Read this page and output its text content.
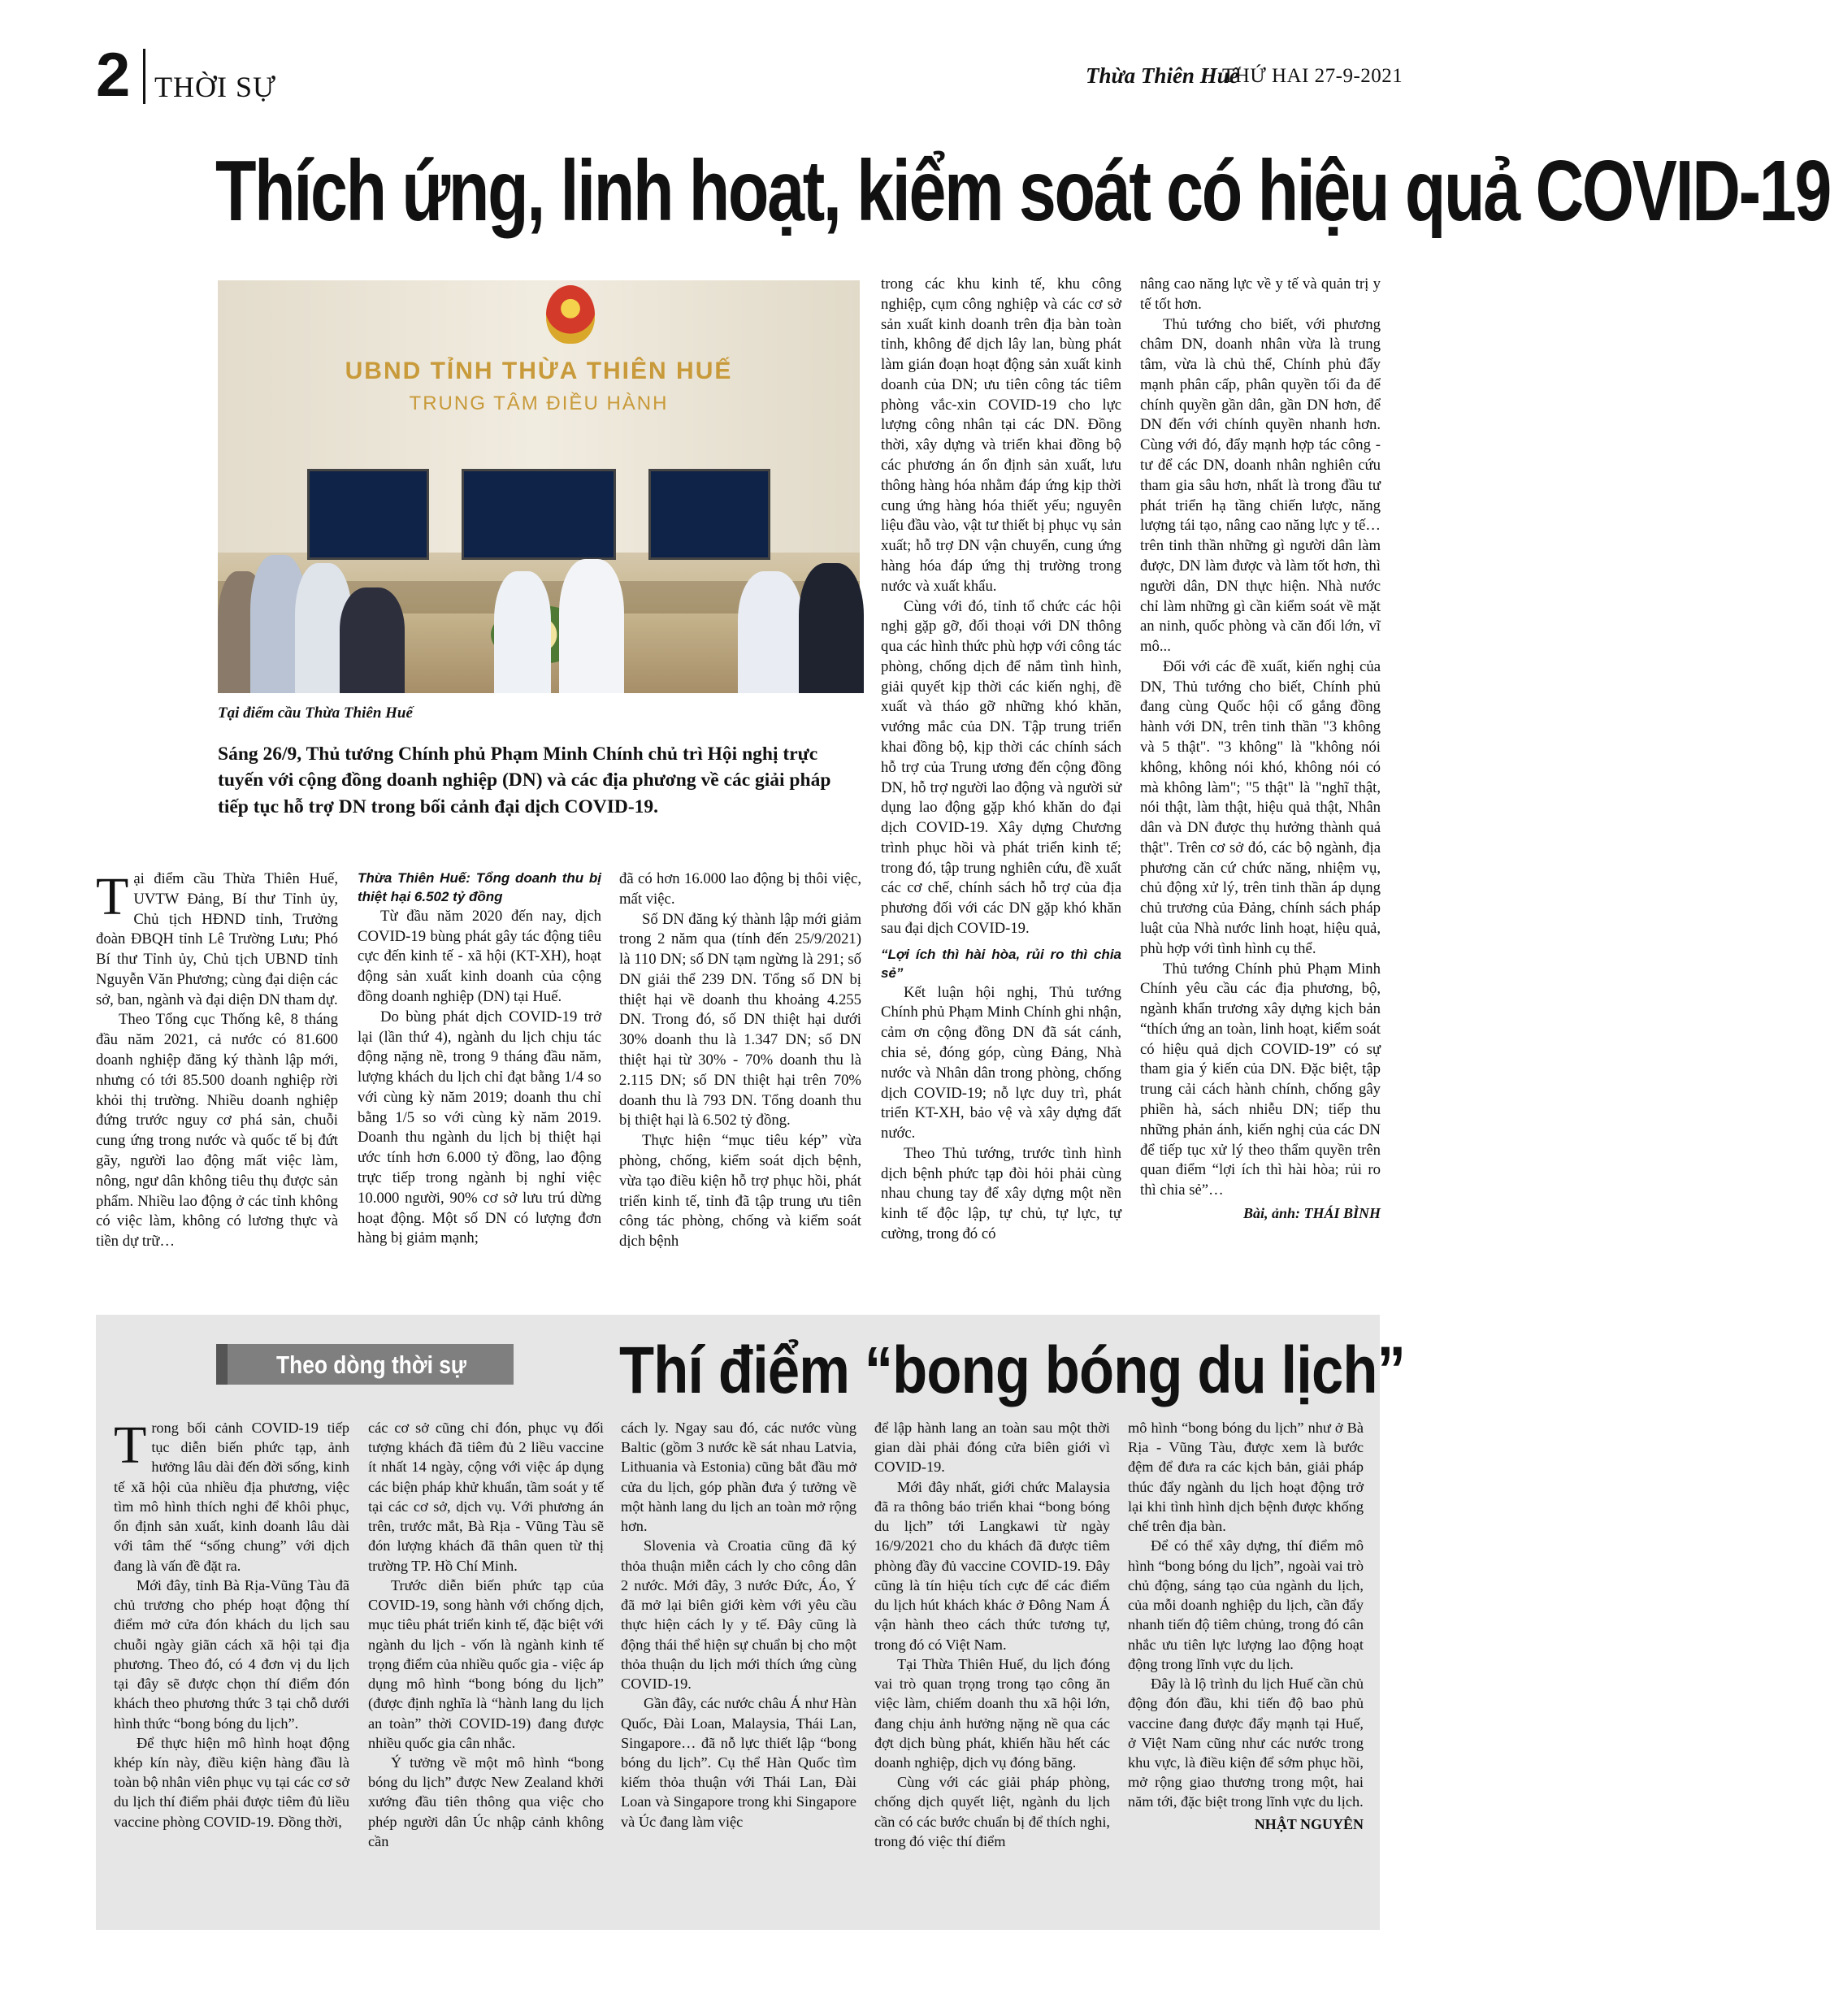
2 THỜI SỰ	Thừa Thiên Huế
THỨ HAI 27-9-2021
Thích ứng, linh hoạt, kiểm soát có hiệu quả COVID-19
UBND TỈNH THỪA THIÊN HUẾ
TRUNG TÂM ĐIỀU HÀNH
Tại điểm cầu Thừa Thiên Huế
Sáng 26/9, Thủ tướng Chính phủ Phạm Minh Chính chủ trì Hội nghị trực tuyến với cộng đồng doanh nghiệp (DN) và các địa phương về các giải pháp tiếp tục hỗ trợ DN trong bối cảnh đại dịch COVID-19.

Tại điểm cầu Thừa Thiên Huế, UVTW Đảng, Bí thư Tỉnh ủy, Chủ tịch HĐND tỉnh, Trưởng đoàn ĐBQH tỉnh Lê Trường Lưu; Phó Bí thư Tỉnh ủy, Chủ tịch UBND tỉnh Nguyễn Văn Phương; cùng đại diện các sở, ban, ngành và đại diện DN tham dự.

Theo Tổng cục Thống kê, 8 tháng đầu năm 2021, cả nước có 81.600 doanh nghiệp đăng ký thành lập mới, nhưng có tới 85.500 doanh nghiệp rời khỏi thị trường. Nhiều doanh nghiệp đứng trước nguy cơ phá sản, chuỗi cung ứng trong nước và quốc tế bị đứt gãy, người lao động mất việc làm, nông, ngư dân không tiêu thụ được sản phẩm. Nhiều lao động ở các tỉnh không có việc làm, không có lương thực và tiền dự trữ…

Thừa Thiên Huế: Tổng doanh thu bị thiệt hại 6.502 tỷ đồng

Từ đầu năm 2020 đến nay, dịch COVID-19 bùng phát gây tác động tiêu cực đến kinh tế - xã hội (KT-XH), hoạt động sản xuất kinh doanh của cộng đồng doanh nghiệp (DN) tại Huế.

Do bùng phát dịch COVID-19 trở lại (lần thứ 4), ngành du lịch chịu tác động nặng nề, trong 9 tháng đầu năm, lượng khách du lịch chỉ đạt bằng 1/4 so với cùng kỳ năm 2019; doanh thu chỉ bằng 1/5 so với cùng kỳ năm 2019. Doanh thu ngành du lịch bị thiệt hại ước tính hơn 6.000 tỷ đồng, lao động trực tiếp trong ngành bị nghỉ việc 10.000 người, 90% cơ sở lưu trú dừng hoạt động. Một số DN có lượng đơn hàng bị giảm mạnh;

đã có hơn 16.000 lao động bị thôi việc, mất việc.

Số DN đăng ký thành lập mới giảm trong 2 năm qua (tính đến 25/9/2021) là 110 DN; số DN tạm ngừng là 291; số DN giải thể 239 DN. Tổng số DN bị thiệt hại về doanh thu khoảng 4.255 DN. Trong đó, số DN thiệt hại dưới 30% doanh thu là 1.347 DN; số DN thiệt hại từ 30% - 70% doanh thu là 2.115 DN; số DN thiệt hại trên 70% doanh thu là 793 DN. Tổng doanh thu bị thiệt hại là 6.502 tỷ đồng.

Thực hiện “mục tiêu kép” vừa phòng, chống, kiểm soát dịch bệnh, vừa tạo điều kiện hỗ trợ phục hồi, phát triển kinh tế, tỉnh đã tập trung ưu tiên công tác phòng, chống và kiểm soát dịch bệnh

trong các khu kinh tế, khu công nghiệp, cụm công nghiệp và các cơ sở sản xuất kinh doanh trên địa bàn toàn tỉnh, không để dịch lây lan, bùng phát làm gián đoạn hoạt động sản xuất kinh doanh của DN; ưu tiên công tác tiêm phòng vắc-xin COVID-19 cho lực lượng công nhân tại các DN. Đồng thời, xây dựng và triển khai đồng bộ các phương án ổn định sản xuất, lưu thông hàng hóa nhằm đáp ứng kịp thời cung ứng hàng hóa thiết yếu; nguyên liệu đầu vào, vật tư thiết bị phục vụ sản xuất; hỗ trợ DN vận chuyển, cung ứng hàng hóa đáp ứng thị trường trong nước và xuất khẩu.

Cùng với đó, tỉnh tổ chức các hội nghị gặp gỡ, đối thoại với DN thông qua các hình thức phù hợp với công tác phòng, chống dịch để nắm tình hình, giải quyết kịp thời các kiến nghị, đề xuất và tháo gỡ những khó khăn, vướng mắc của DN. Tập trung triển khai đồng bộ, kịp thời các chính sách hỗ trợ của Trung ương đến cộng đồng DN, hỗ trợ người lao động và người sử dụng lao động gặp khó khăn do đại dịch COVID-19. Xây dựng Chương trình phục hồi và phát triển kinh tế; trong đó, tập trung nghiên cứu, đề xuất các cơ chế, chính sách hỗ trợ của địa phương đối với các DN gặp khó khăn sau đại dịch COVID-19.

“Lợi ích thì hài hòa, rủi ro thì chia sẻ”

Kết luận hội nghị, Thủ tướng Chính phủ Phạm Minh Chính ghi nhận, cảm ơn cộng đồng DN đã sát cánh, chia sẻ, đóng góp, cùng Đảng, Nhà nước và Nhân dân trong phòng, chống dịch COVID-19; nỗ lực duy trì, phát triển KT-XH, bảo vệ và xây dựng đất nước.

Theo Thủ tướng, trước tình hình dịch bệnh phức tạp đòi hỏi phải cùng nhau chung tay để xây dựng một nền kinh tế độc lập, tự chủ, tự lực, tự cường, trong đó có

nâng cao năng lực về y tế và quản trị y tế tốt hơn.

Thủ tướng cho biết, với phương châm DN, doanh nhân vừa là trung tâm, vừa là chủ thể, Chính phủ đẩy mạnh phân cấp, phân quyền tối đa để chính quyền gần dân, gần DN hơn, để DN đến với chính quyền nhanh hơn. Cùng với đó, đẩy mạnh hợp tác công - tư để các DN, doanh nhân nghiên cứu tham gia sâu hơn, nhất là trong đầu tư phát triển hạ tầng chiến lược, năng lượng tái tạo, nâng cao năng lực y tế… trên tinh thần những gì người dân làm được, DN làm được và làm tốt hơn, thì người dân, DN thực hiện. Nhà nước chỉ làm những gì cần kiểm soát về mặt an ninh, quốc phòng và căn đối lớn, vĩ mô...

Đối với các đề xuất, kiến nghị của DN, Thủ tướng cho biết, Chính phủ đang cùng Quốc hội cố gắng đồng hành với DN, trên tinh thần "3 không và 5 thật". "3 không" là "không nói không, không nói khó, không nói có mà không làm"; "5 thật" là "nghĩ thật, nói thật, làm thật, hiệu quả thật, Nhân dân và DN được thụ hưởng thành quả thật". Trên cơ sở đó, các bộ ngành, địa phương căn cứ chức năng, nhiệm vụ, chủ động xử lý, trên tinh thần áp dụng chủ trương của Đảng, chính sách pháp luật của Nhà nước linh hoạt, hiệu quả, phù hợp với tình hình cụ thể.

Thủ tướng Chính phủ Phạm Minh Chính yêu cầu các địa phương, bộ, ngành khẩn trương xây dựng kịch bản “thích ứng an toàn, linh hoạt, kiểm soát có hiệu quả dịch COVID-19” có sự tham gia ý kiến của DN. Đặc biệt, tập trung cải cách hành chính, chống gây phiền hà, sách nhiễu DN; tiếp thu những phản ánh, kiến nghị của các DN để tiếp tục xử lý theo thẩm quyền trên quan điểm “lợi ích thì hài hòa; rủi ro thì chia sẻ”…

Bài, ảnh: THÁI BÌNH
Theo dòng thời sự Thí điểm “bong bóng du lịch”

Trong bối cảnh COVID-19 tiếp tục diễn biến phức tạp, ảnh hưởng lâu dài đến đời sống, kinh tế xã hội của nhiều địa phương, việc tìm mô hình thích nghi để khôi phục, ổn định sản xuất, kinh doanh lâu dài với tâm thế “sống chung” với dịch đang là vấn đề đặt ra.

Mới đây, tỉnh Bà Rịa-Vũng Tàu đã chủ trương cho phép hoạt động thí điểm mở cửa đón khách du lịch sau chuỗi ngày giãn cách xã hội tại địa phương. Theo đó, có 4 đơn vị du lịch tại đây sẽ được chọn thí điểm đón khách theo phương thức 3 tại chỗ dưới hình thức “bong bóng du lịch”.

Để thực hiện mô hình hoạt động khép kín này, điều kiện hàng đầu là toàn bộ nhân viên phục vụ tại các cơ sở du lịch thí điểm phải được tiêm đủ liều vaccine phòng COVID-19. Đồng thời,

các cơ sở cũng chỉ đón, phục vụ đối tượng khách đã tiêm đủ 2 liều vaccine ít nhất 14 ngày, cộng với việc áp dụng các biện pháp khử khuẩn, tầm soát y tế tại các cơ sở, dịch vụ. Với phương án trên, trước mắt, Bà Rịa - Vũng Tàu sẽ đón lượng khách đã thân quen từ thị trường TP. Hồ Chí Minh.

Trước diễn biến phức tạp của COVID-19, song hành với chống dịch, mục tiêu phát triển kinh tế, đặc biệt với ngành du lịch - vốn là ngành kinh tế trọng điểm của nhiều quốc gia - việc áp dụng mô hình “bong bóng du lịch” (được định nghĩa là “hành lang du lịch an toàn” thời COVID-19) đang được nhiều quốc gia cân nhắc.

Ý tưởng về một mô hình “bong bóng du lịch” được New Zealand khởi xướng đầu tiên thông qua việc cho phép người dân Úc nhập cảnh không cần

cách ly. Ngay sau đó, các nước vùng Baltic (gồm 3 nước kề sát nhau Latvia, Lithuania và Estonia) cũng bắt đầu mở cửa du lịch, góp phần đưa ý tưởng về một hành lang du lịch an toàn mở rộng hơn.

Slovenia và Croatia cũng đã ký thỏa thuận miễn cách ly cho công dân 2 nước. Mới đây, 3 nước Đức, Áo, Ý đã mở lại biên giới kèm với yêu cầu thực hiện cách ly y tế. Đây cũng là động thái thể hiện sự chuẩn bị cho một thỏa thuận du lịch mới thích ứng cùng COVID-19.

Gần đây, các nước châu Á như Hàn Quốc, Đài Loan, Malaysia, Thái Lan, Singapore… đã nỗ lực thiết lập “bong bóng du lịch”. Cụ thể Hàn Quốc tìm kiếm thỏa thuận với Thái Lan, Đài Loan và Singapore trong khi Singapore và Úc đang làm việc

để lập hành lang an toàn sau một thời gian dài phải đóng cửa biên giới vì COVID-19.

Mới đây nhất, giới chức Malaysia đã ra thông báo triển khai “bong bóng du lịch” tới Langkawi từ ngày 16/9/2021 cho du khách đã được tiêm phòng đầy đủ vaccine COVID-19. Đây cũng là tín hiệu tích cực để các điểm du lịch hút khách khác ở Đông Nam Á vận hành theo cách thức tương tự, trong đó có Việt Nam.

Tại Thừa Thiên Huế, du lịch đóng vai trò quan trọng trong tạo công ăn việc làm, chiếm doanh thu xã hội lớn, đang chịu ảnh hưởng nặng nề qua các đợt dịch bùng phát, khiến hầu hết các doanh nghiệp, dịch vụ đóng băng.

Cùng với các giải pháp phòng, chống dịch quyết liệt, ngành du lịch cần có các bước chuẩn bị để thích nghi, trong đó việc thí điểm

mô hình “bong bóng du lịch” như ở Bà Rịa - Vũng Tàu, được xem là bước đệm để đưa ra các kịch bản, giải pháp thúc đẩy ngành du lịch hoạt động trở lại khi tình hình dịch bệnh được khống chế trên địa bàn.

Để có thể xây dựng, thí điểm mô hình “bong bóng du lịch”, ngoài vai trò chủ động, sáng tạo của ngành du lịch, của mỗi doanh nghiệp du lịch, cần đẩy nhanh tiến độ tiêm chủng, trong đó cân nhắc ưu tiên lực lượng lao động hoạt động trong lĩnh vực du lịch.

Đây là lộ trình du lịch Huế cần chủ động đón đầu, khi tiến độ bao phủ vaccine đang được đẩy mạnh tại Huế, ở Việt Nam cũng như các nước trong khu vực, là điều kiện để sớm phục hồi, mở rộng giao thương trong một, hai năm tới, đặc biệt trong lĩnh vực du lịch.

NHẬT NGUYÊN
